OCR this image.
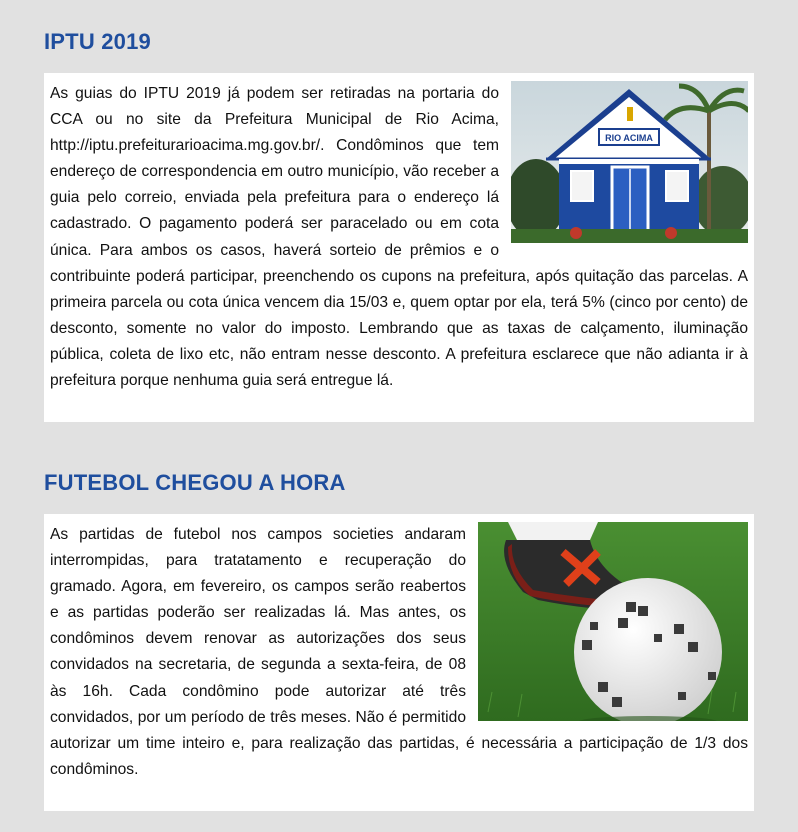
IPTU 2019
RIO ACIMA

As guias do IPTU 2019 já podem ser retiradas na portaria do CCA ou no site da Prefeitura Municipal de Rio Acima, http://iptu.prefeiturarioacima.mg.gov.br/. Condôminos que tem endereço de correspondencia em outro município, vão receber a guia pelo correio, enviada pela prefeitura para o endereço lá cadastrado. O pagamento poderá ser paracelado ou em cota única. Para ambos os casos, haverá sorteio de prêmios e o contribuinte poderá participar, preenchendo os cupons na prefeitura, após quitação das parcelas. A primeira parcela ou cota única vencem dia 15/03 e, quem optar por ela, terá 5% (cinco por cento) de desconto, somente no valor do imposto. Lembrando que as taxas de calçamento, iluminação pública, coleta de lixo etc, não entram nesse desconto. A prefeitura esclarece que não adianta ir à prefeitura porque nenhuma guia será entregue lá.

FUTEBOL CHEGOU A HORA

As partidas de futebol nos campos societies andaram interrompidas, para tratatamento e recuperação do gramado. Agora, em fevereiro, os campos serão reabertos e as partidas poderão ser realizadas lá. Mas antes, os condôminos devem renovar as autorizações dos seus convidados na secretaria, de segunda a sexta-feira, de 08 às 16h. Cada condômino pode autorizar até três convidados, por um período de três meses. Não é permitido autorizar um time inteiro e, para realização das partidas, é necessária a participação de 1/3 dos condôminos.
